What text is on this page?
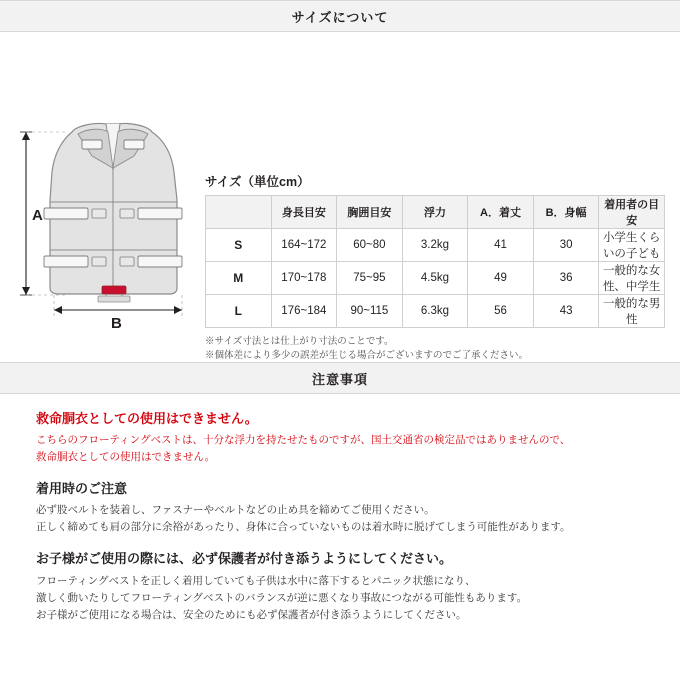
サイズについて
A
B
サイズ（単位cm）
	身長目安	胸囲目安	浮力	A．着丈	B．身幅	着用者の目安
S	164~172	60~80	3.2kg	41	30	小学生くらいの子ども
M	170~178	75~95	4.5kg	49	36	一般的な女性、中学生
L	176~184	90~115	6.3kg	56	43	一般的な男性
※サイズ寸法とは仕上がり寸法のことです。
※個体差により多少の誤差が生じる場合がございますのでご了承ください。
注意事項
救命胴衣としての使用はできません。

こちらのフローティングベストは、十分な浮力を持たせたものですが、国土交通省の検定品ではありませんので、
救命胴衣としての使用はできません。

着用時のご注意

必ず股ベルトを装着し、ファスナーやベルトなどの止め具を締めてご使用ください。
正しく締めても肩の部分に余裕があったり、身体に合っていないものは着水時に脱げてしまう可能性があります。

お子様がご使用の際には、必ず保護者が付き添うようにしてください。

フローティングベストを正しく着用していても子供は水中に落下するとパニック状態になり、
激しく動いたりしてフローティングベストのバランスが逆に悪くなり事故につながる可能性もあります。
お子様がご使用になる場合は、安全のためにも必ず保護者が付き添うようにしてください。
